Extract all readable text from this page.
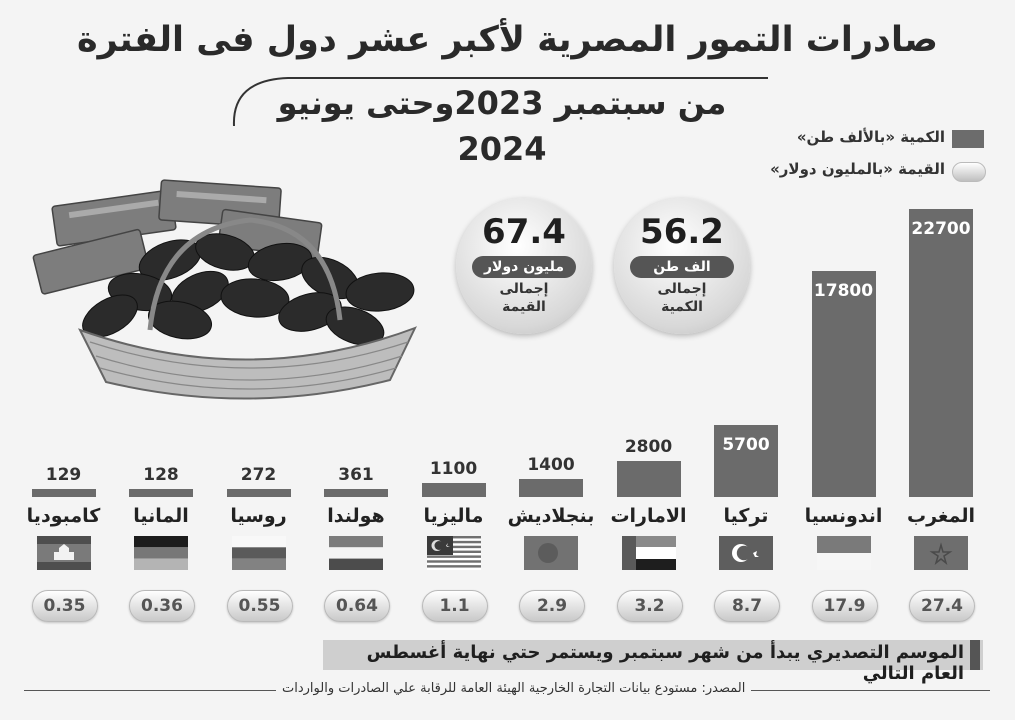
صادرات التمور المصرية لأكبر عشر دول فى الفترة
من سبتمبر 2023وحتى يونيو 2024	الكمية «بالألف طن»
القيمة «بالمليون دولار»
67.4
مليون دولار
إجمالى
القيمة
56.2
الف طن
إجمالى
الكمية
22700
المغرب
27.4
17800
اندونسيا
17.9
5700
تركيا
8.7
2800
الامارات
3.2
1400
بنجلاديش
2.9
1100
ماليزيا
1.1
361
هولندا
0.64
272
روسيا
0.55
128
المانيا
0.36
129
كامبوديا
0.35
الموسم التصديري يبدأ من شهر سبتمبر ويستمر حتي نهاية أغسطس العام التالي
المصدر: مستودع بيانات التجارة الخارجية الهيئة العامة للرقابة علي الصادرات والواردات
